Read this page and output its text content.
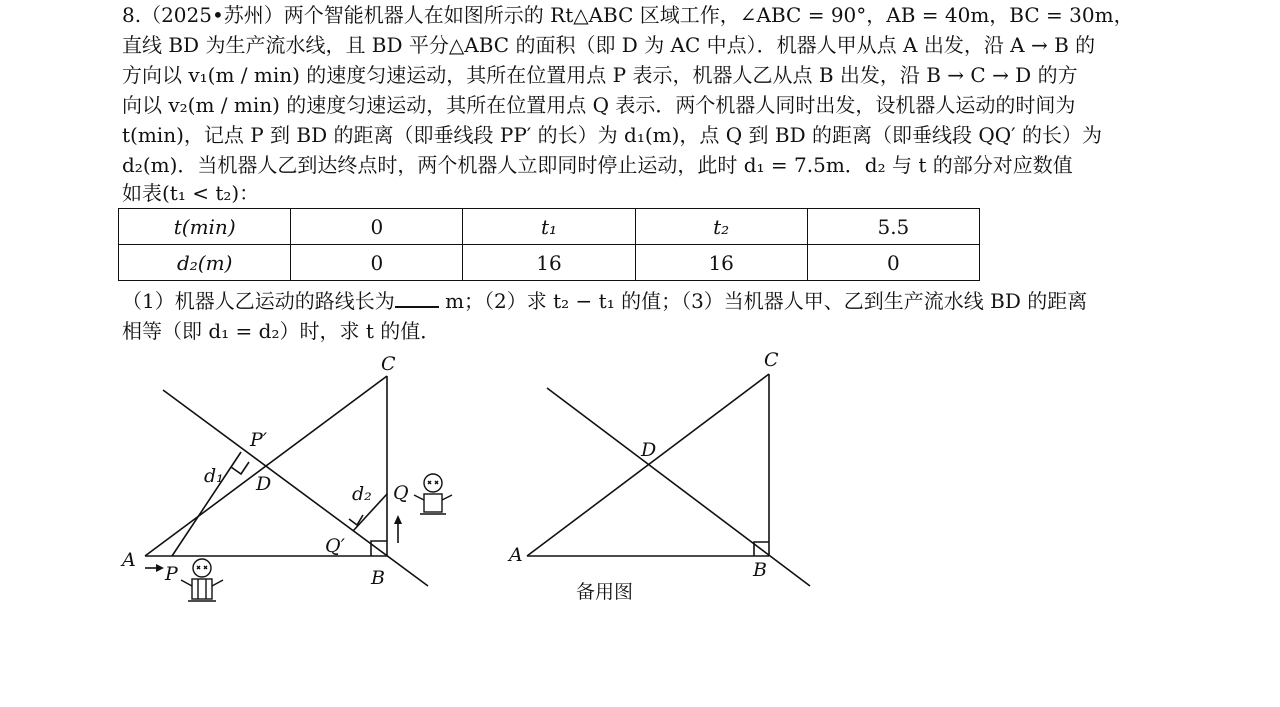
8.（2025•苏州）两个智能机器人在如图所示的 Rt△ABC 区域工作，∠ABC = 90°，AB = 40m，BC = 30m，
直线 BD 为生产流水线，且 BD 平分△ABC 的面积（即 D 为 AC 中点）．机器人甲从点 A 出发，沿 A → B 的
方向以 v₁(m / min) 的速度匀速运动，其所在位置用点 P 表示，机器人乙从点 B 出发，沿 B → C → D 的方
向以 v₂(m / min) 的速度匀速运动，其所在位置用点 Q 表示．两个机器人同时出发，设机器人运动的时间为
t(min)，记点 P 到 BD 的距离（即垂线段 PP′ 的长）为 d₁(m)，点 Q 到 BD 的距离（即垂线段 QQ′ 的长）为
d₂(m)．当机器人乙到达终点时，两个机器人立即同时停止运动，此时 d₁ = 7.5m．d₂ 与 t 的部分对应数值
如表(t₁ < t₂)：
t(min)	0	t₁	t₂	5.5
d₂(m)	0	16	16	0
（1）机器人乙运动的路线长为 m；（2）求 t₂ − t₁ 的值；（3）当机器人甲、乙到生产流水线 BD 的距离
相等（即 d₁ = d₂）时，求 t 的值．
A
B
C
D
P
P′
Q
Q′
d₁
d₂
A
B
C
D
备用图
